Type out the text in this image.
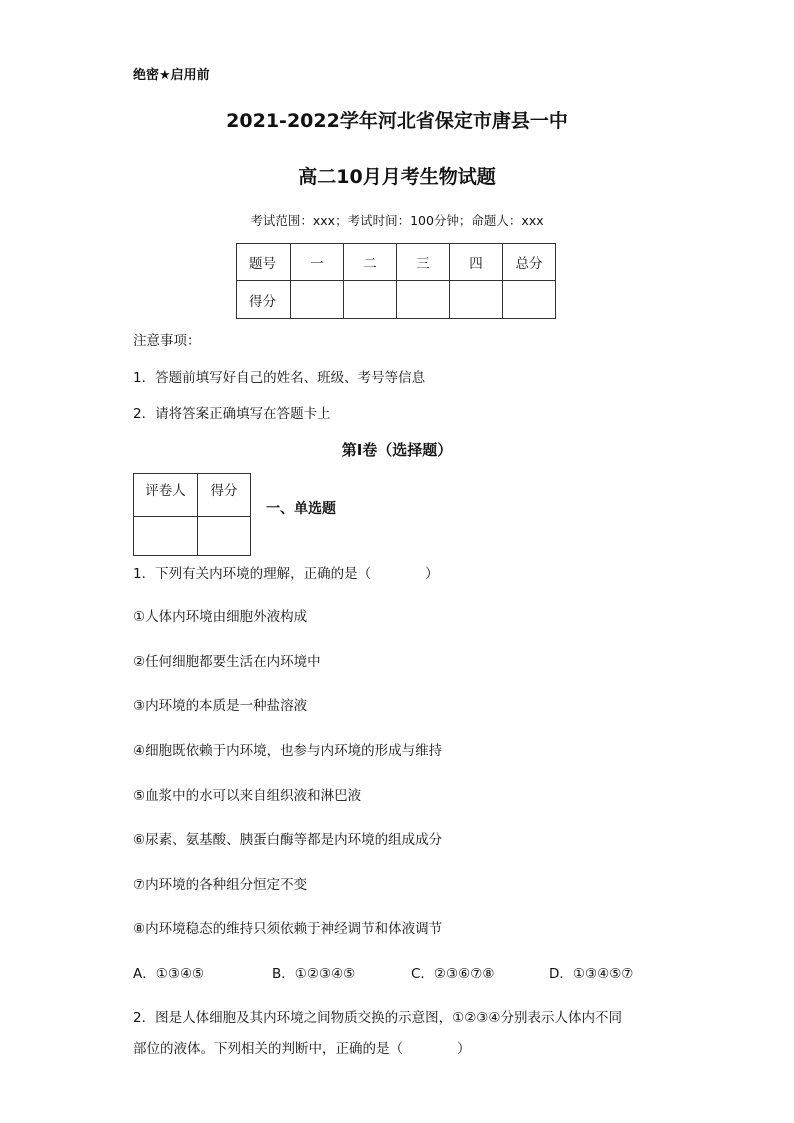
绝密★启用前
2021-2022学年河北省保定市唐县一中
高二10月月考生物试题
考试范围：xxx；考试时间：100分钟；命题人：xxx
题号	一	二	三	四	总分
得分					
注意事项：
1．答题前填写好自己的姓名、班级、考号等信息
2．请将答案正确填写在答题卡上
第I卷（选择题）
评卷人	得分

一、单选题
1．下列有关内环境的理解，正确的是（　　　　）
①人体内环境由细胞外液构成
②任何细胞都要生活在内环境中
③内环境的本质是一种盐溶液
④细胞既依赖于内环境，也参与内环境的形成与维持
⑤血浆中的水可以来自组织液和淋巴液
⑥尿素、氨基酸、胰蛋白酶等都是内环境的组成成分
⑦内环境的各种组分恒定不变
⑧内环境稳态的维持只须依赖于神经调节和体液调节
A．①③④⑤	B．①②③④⑤	C．②③⑥⑦⑧	D．①③④⑤⑦
2．图是人体细胞及其内环境之间物质交换的示意图，①②③④分别表示人体内不同
部位的液体。下列相关的判断中，正确的是（　　　　）
